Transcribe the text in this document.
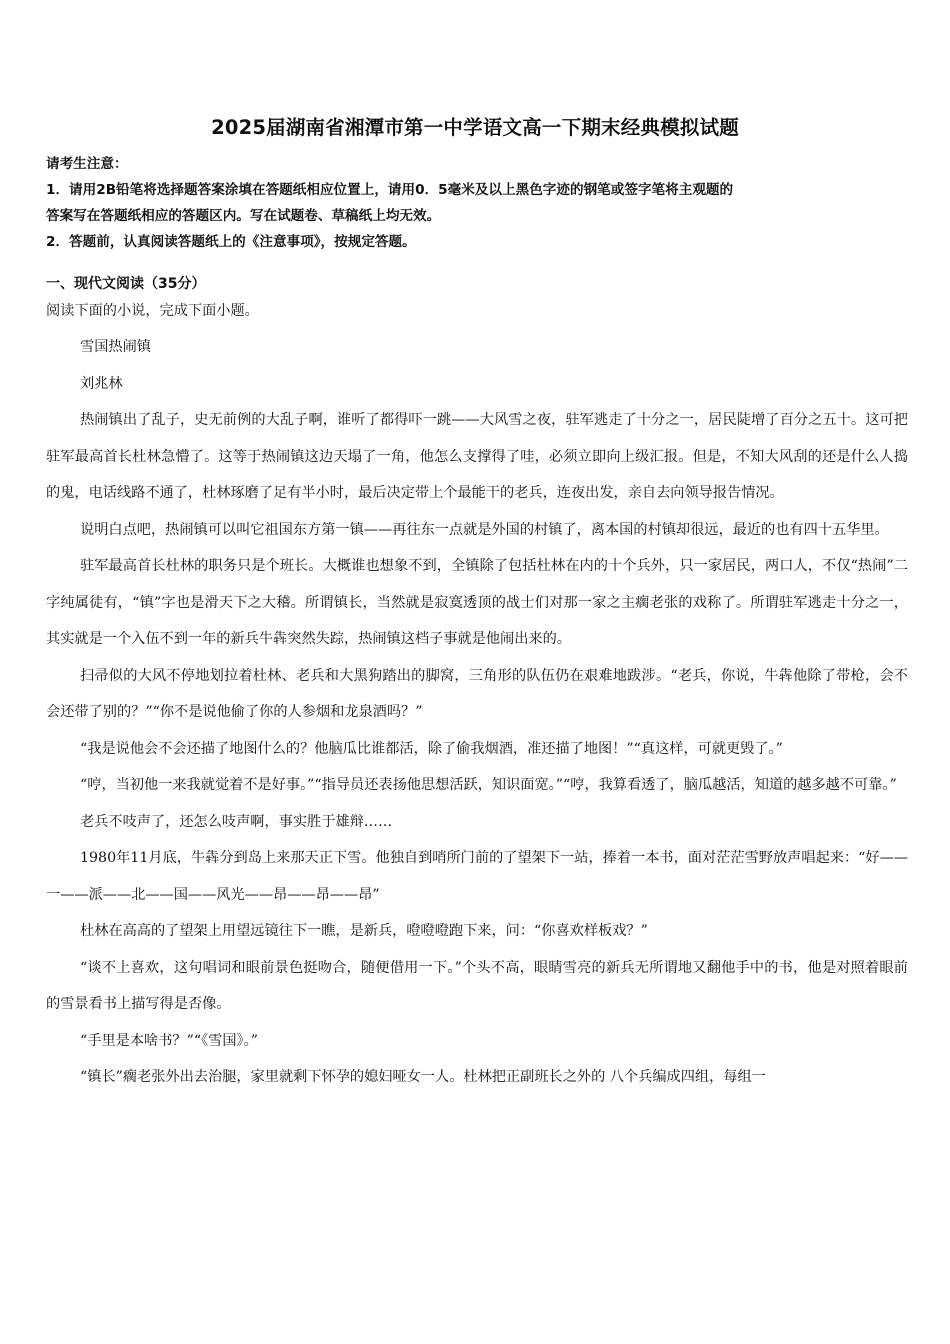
2025届湖南省湘潭市第一中学语文高一下期末经典模拟试题
请考生注意：
1．请用2B铅笔将选择题答案涂填在答题纸相应位置上，请用0．5毫米及以上黑色字迹的钢笔或签字笔将主观题的
答案写在答题纸相应的答题区内。写在试题卷、草稿纸上均无效。
2．答题前，认真阅读答题纸上的《注意事项》，按规定答题。
一、现代文阅读（35分）

阅读下面的小说，完成下面小题。

雪国热闹镇

刘兆林

热闹镇出了乱子，史无前例的大乱子啊，谁听了都得吓一跳——大风雪之夜，驻军逃走了十分之一，居民陡增了百分之五十。这可把驻军最高首长杜林急懵了。这等于热闹镇这边天塌了一角，他怎么支撑得了哇，必须立即向上级汇报。但是，不知大风刮的还是什么人捣的鬼，电话线路不通了，杜林琢磨了足有半小时，最后决定带上个最能干的老兵，连夜出发，亲自去向领导报告情况。

说明白点吧，热闹镇可以叫它祖国东方第一镇——再往东一点就是外国的村镇了，离本国的村镇却很远，最近的也有四十五华里。

驻军最高首长杜林的职务只是个班长。大概谁也想象不到，全镇除了包括杜林在内的十个兵外，只一家居民，两口人，不仅“热闹”二字纯属徒有，“镇”字也是滑天下之大稽。所谓镇长，当然就是寂寞透顶的战士们对那一家之主瘸老张的戏称了。所谓驻军逃走十分之一，其实就是一个入伍不到一年的新兵牛犇突然失踪，热闹镇这档子事就是他闹出来的。

扫帚似的大风不停地划拉着杜林、老兵和大黑狗踏出的脚窝，三角形的队伍仍在艰难地跋涉。“老兵，你说，牛犇他除了带枪，会不会还带了别的？”“你不是说他偷了你的人参烟和龙泉酒吗？”

“我是说他会不会还描了地图什么的？他脑瓜比谁都活，除了偷我烟酒，准还描了地图！”“真这样，可就更毁了。”

“哼，当初他一来我就觉着不是好事。”“指导员还表扬他思想活跃，知识面宽。”“哼，我算看透了，脑瓜越活，知道的越多越不可靠。”

老兵不吱声了，还怎么吱声啊，事实胜于雄辩……

1980年11月底，牛犇分到岛上来那天正下雪。他独自到哨所门前的了望架下一站，捧着一本书，面对茫茫雪野放声唱起来：“好——一——派——北——国——风光——昂——昂——昂”

杜林在高高的了望架上用望远镜往下一瞧，是新兵，噔噔噔跑下来，问：“你喜欢样板戏？”

“谈不上喜欢，这句唱词和眼前景色挺吻合，随便借用一下。”个头不高，眼睛雪亮的新兵无所谓地又翻他手中的书，他是对照着眼前的雪景看书上描写得是否像。

“手里是本啥书？”“《雪国》。”

“镇长”瘸老张外出去治腿，家里就剩下怀孕的媳妇哑女一人。杜林把正副班长之外的 八个兵编成四组，每组一
